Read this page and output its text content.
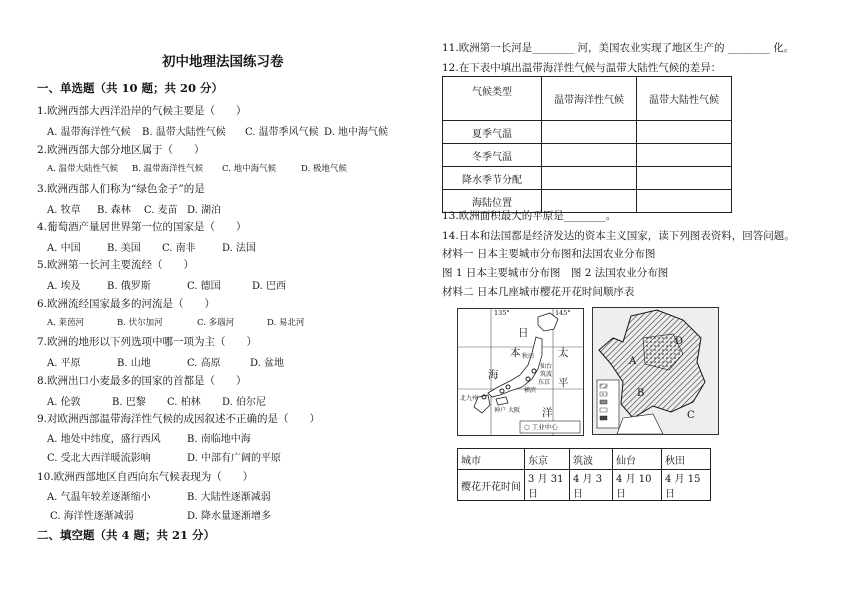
初中地理法国练习卷
一、单选题（共 10 题；共 20 分）
1.欧洲西部大西洋沿岸的气候主要是（　　）
A. 温带海洋性气候 B. 温带大陆性气候 C. 温带季风气候 D. 地中海气候
2.欧洲西部大部分地区属于（　　）
A. 温带大陆性气候 B. 温带海洋性气候 C. 地中海气候	D. 极地气候
3.欧洲西部人们称为“绿色金子”的是
A. 牧草 B. 森林 C. 麦苗 D. 湖泊
4.葡萄酒产量居世界第一位的国家是（　　）
A. 中国	B. 美国 C. 南非	D. 法国
5.欧洲第一长河主要流经（　　）
A. 埃及	B. 俄罗斯	C. 德国	D. 巴西
6.欧洲流经国家最多的河流是（　　）
A. 莱茵河	B. 伏尔加河	C. 多瑙河	D. 易北河
7.欧洲的地形以下列选项中哪一项为主（　　）
A. 平原	B. 山地	C. 高原	D. 盆地
8.欧洲出口小麦最多的国家的首都是（　　）
A. 伦敦	B. 巴黎 C. 柏林 D. 伯尔尼
9.对欧洲西部温带海洋性气候的成因叙述不正确的是（　　）
A. 地处中纬度，盛行西风	B. 南临地中海
C. 受北大西洋暖流影响	D. 中部有广阔的平原
10.欧洲西部地区自西向东气候表现为（　　）
A. 气温年较差逐渐缩小	B. 大陆性逐渐减弱
C. 海洋性逐渐减弱	D. 降水量逐渐增多
二、填空题（共 4 题；共 21 分）
11.欧洲第一长河是________ 河，美国农业实现了地区生产的 ________ 化。
12.在下表中填出温带海洋性气候与温带大陆性气候的差异：
气候类型	温带海洋性气候	温带大陆性气候
夏季气温		
冬季气温		
降水季节分配		
海陆位置		
13.欧洲面积最大的平原是________。
14.日本和法国都是经济发达的资本主义国家，读下列图表资料，回答问题。
材料一 日本主要城市分布图和法国农业分布图
图 1 日本主要城市分布图　图 2 法国农业分布图
材料二 日本几座城市樱花开花时间顺序表
135°	145°
日
本
海
太
平
洋
秋田
仙台
筑波
东京
横滨
北九州
神户 大阪
○ 工业中心
A
B
C
D
城市	东京	筑波	仙台	秋田
樱花开花时间	3 月 31 日	4 月 3 日	4 月 10 日	4 月 15 日
